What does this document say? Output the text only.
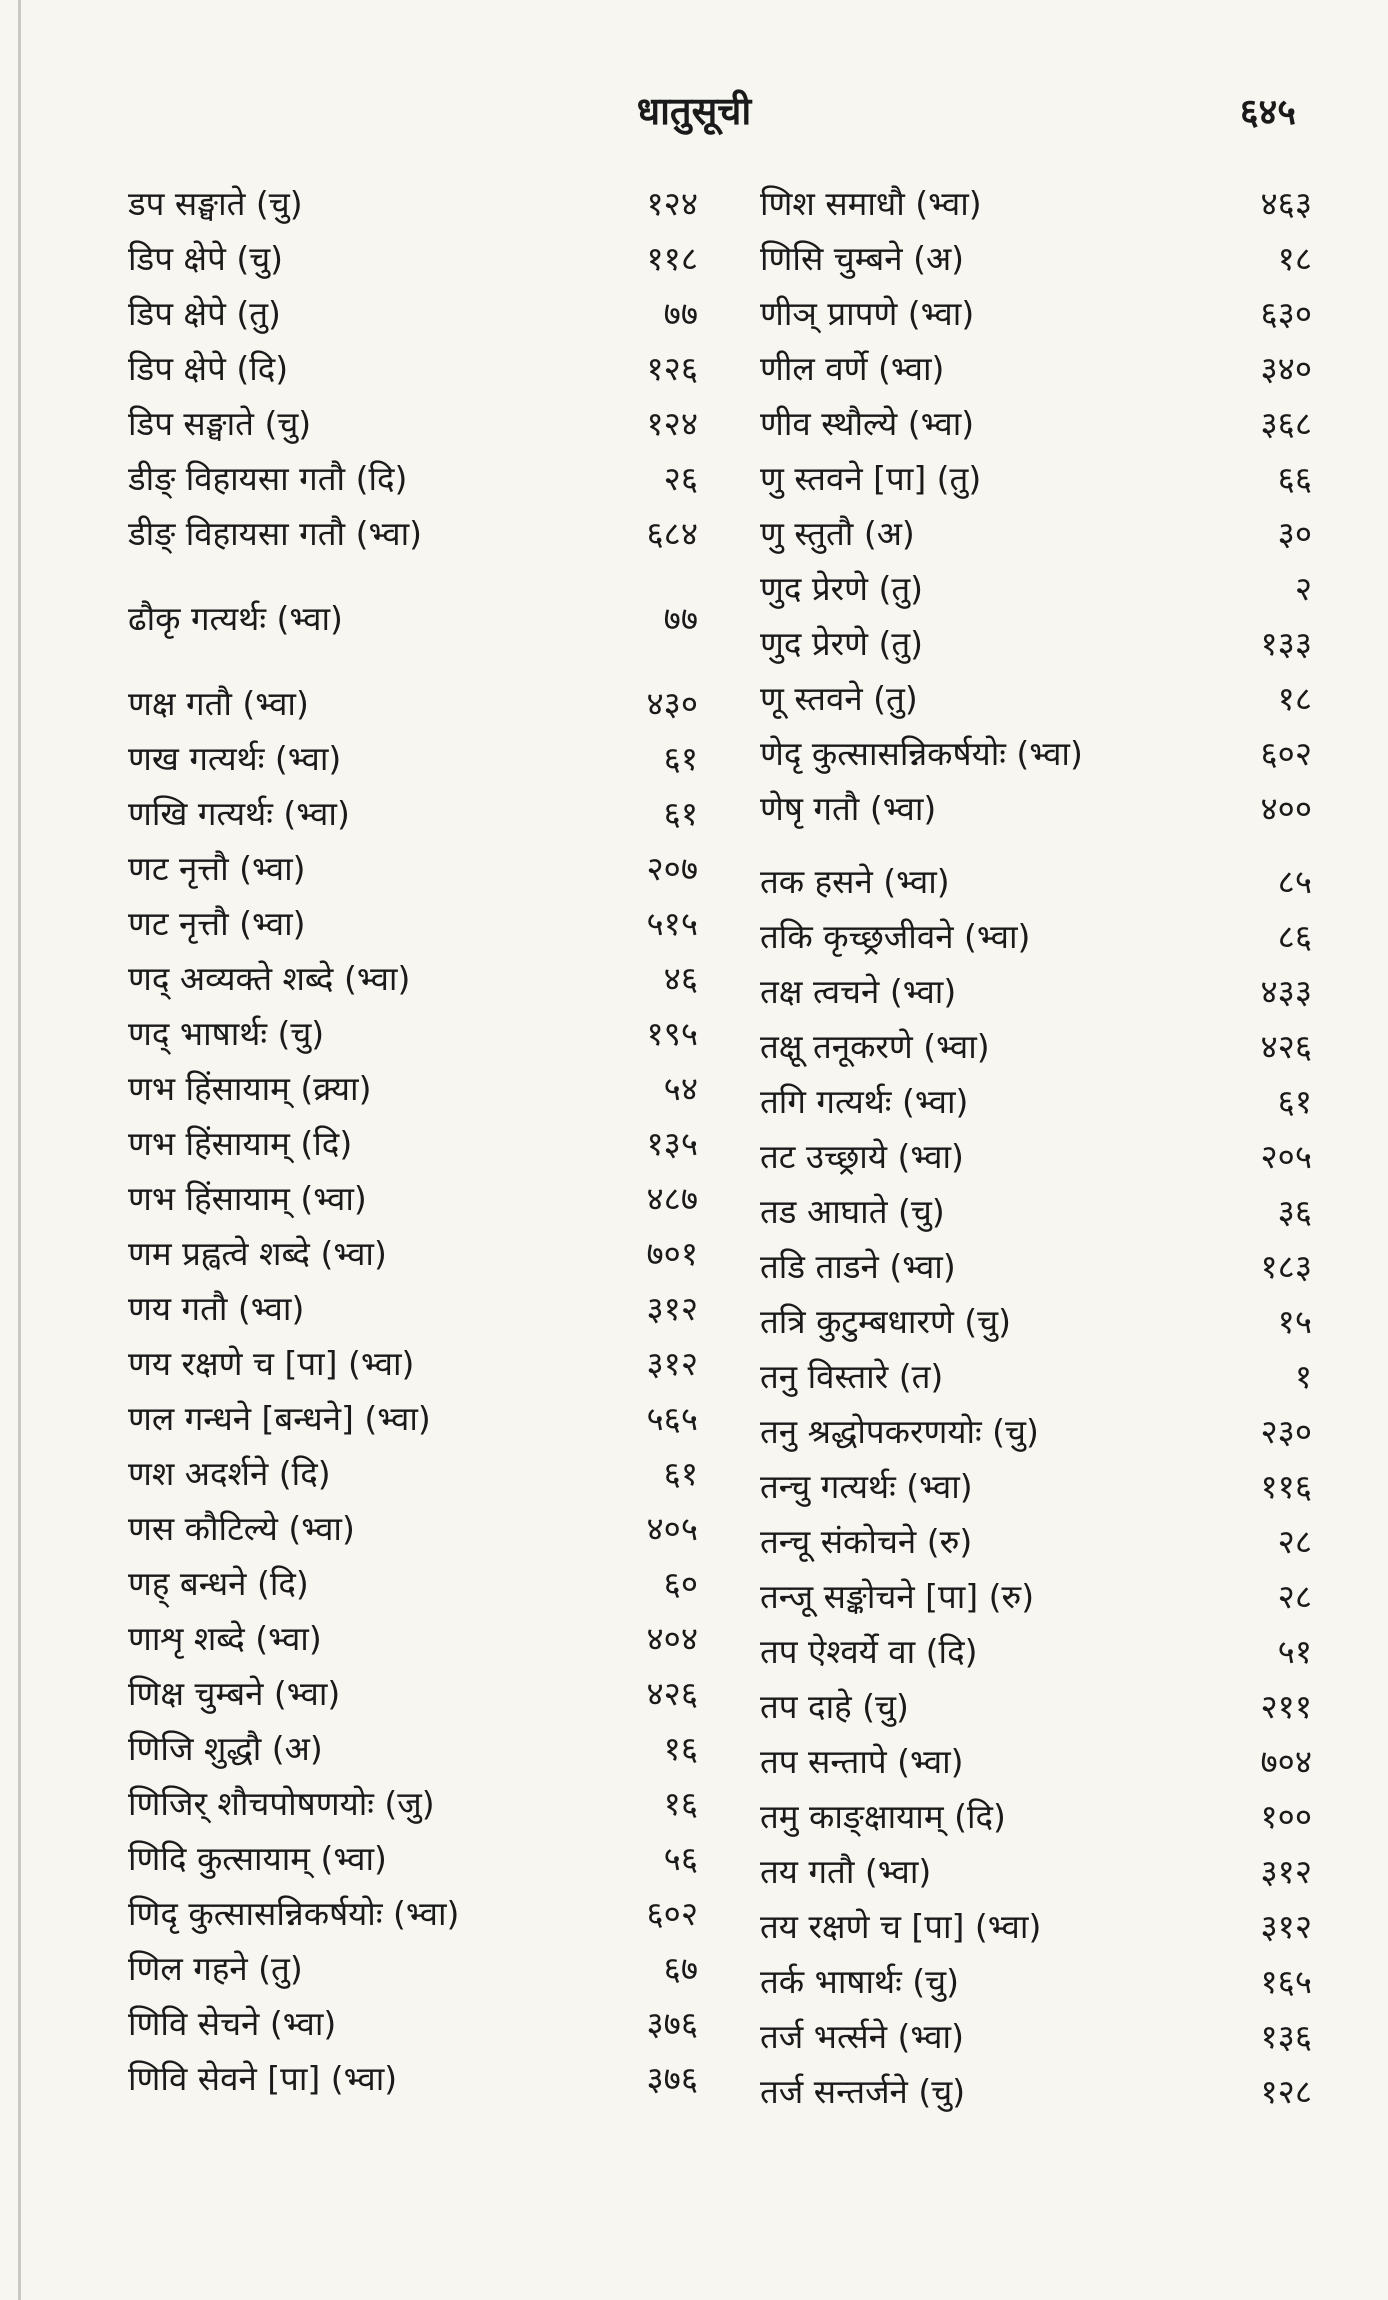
धातुसूची	६४५
डप सङ्घाते (चु)	१२४
डिप क्षेपे (चु)	११८
डिप क्षेपे (तु)	७७
डिप क्षेपे (दि)	१२६
डिप सङ्घाते (चु)	१२४
डीङ् विहायसा गतौ (दि)	२६
डीङ् विहायसा गतौ (भ्वा)	६८४
ढौकृ गत्यर्थः (भ्वा)	७७
णक्ष गतौ (भ्वा)	४३०
णख गत्यर्थः (भ्वा)	६१
णखि गत्यर्थः (भ्वा)	६१
णट नृत्तौ (भ्वा)	२०७
णट नृत्तौ (भ्वा)	५१५
णद् अव्यक्ते शब्दे (भ्वा)	४६
णद् भाषार्थः (चु)	१९५
णभ हिंसायाम् (क्र्या)	५४
णभ हिंसायाम् (दि)	१३५
णभ हिंसायाम् (भ्वा)	४८७
णम प्रह्वत्वे शब्दे (भ्वा)	७०१
णय गतौ (भ्वा)	३१२
णय रक्षणे च [पा] (भ्वा)	३१२
णल गन्धने [बन्धने] (भ्वा)	५६५
णश अदर्शने (दि)	६१
णस कौटिल्ये (भ्वा)	४०५
णह् बन्धने (दि)	६०
णाशृ शब्दे (भ्वा)	४०४
णिक्ष चुम्बने (भ्वा)	४२६
णिजि शुद्धौ (अ)	१६
णिजिर् शौचपोषणयोः (जु)	१६
णिदि कुत्सायाम् (भ्वा)	५६
णिदृ कुत्सासन्निकर्षयोः (भ्वा)	६०२
णिल गहने (तु)	६७
णिवि सेचने (भ्वा)	३७६
णिवि सेवने [पा] (भ्वा)	३७६
णिश समाधौ (भ्वा)	४६३
णिसि चुम्बने (अ)	१८
णीञ् प्रापणे (भ्वा)	६३०
णील वर्णे (भ्वा)	३४०
णीव स्थौल्ये (भ्वा)	३६८
णु स्तवने [पा] (तु)	६६
णु स्तुतौ (अ)	३०
णुद प्रेरणे (तु)	२
णुद प्रेरणे (तु)	१३३
णू स्तवने (तु)	१८
णेदृ कुत्सासन्निकर्षयोः (भ्वा)	६०२
णेषृ गतौ (भ्वा)	४००
तक हसने (भ्वा)	८५
तकि कृच्छ्रजीवने (भ्वा)	८६
तक्ष त्वचने (भ्वा)	४३३
तक्षू तनूकरणे (भ्वा)	४२६
तगि गत्यर्थः (भ्वा)	६१
तट उच्छ्राये (भ्वा)	२०५
तड आघाते (चु)	३६
तडि ताडने (भ्वा)	१८३
तत्रि कुटुम्बधारणे (चु)	१५
तनु विस्तारे (त)	१
तनु श्रद्धोपकरणयोः (चु)	२३०
तन्चु गत्यर्थः (भ्वा)	११६
तन्चू संकोचने (रु)	२८
तन्जू सङ्कोचने [पा] (रु)	२८
तप ऐश्वर्ये वा (दि)	५१
तप दाहे (चु)	२११
तप सन्तापे (भ्वा)	७०४
तमु काङ्क्षायाम् (दि)	१००
तय गतौ (भ्वा)	३१२
तय रक्षणे च [पा] (भ्वा)	३१२
तर्क भाषार्थः (चु)	१६५
तर्ज भर्त्सने (भ्वा)	१३६
तर्ज सन्तर्जने (चु)	१२८
